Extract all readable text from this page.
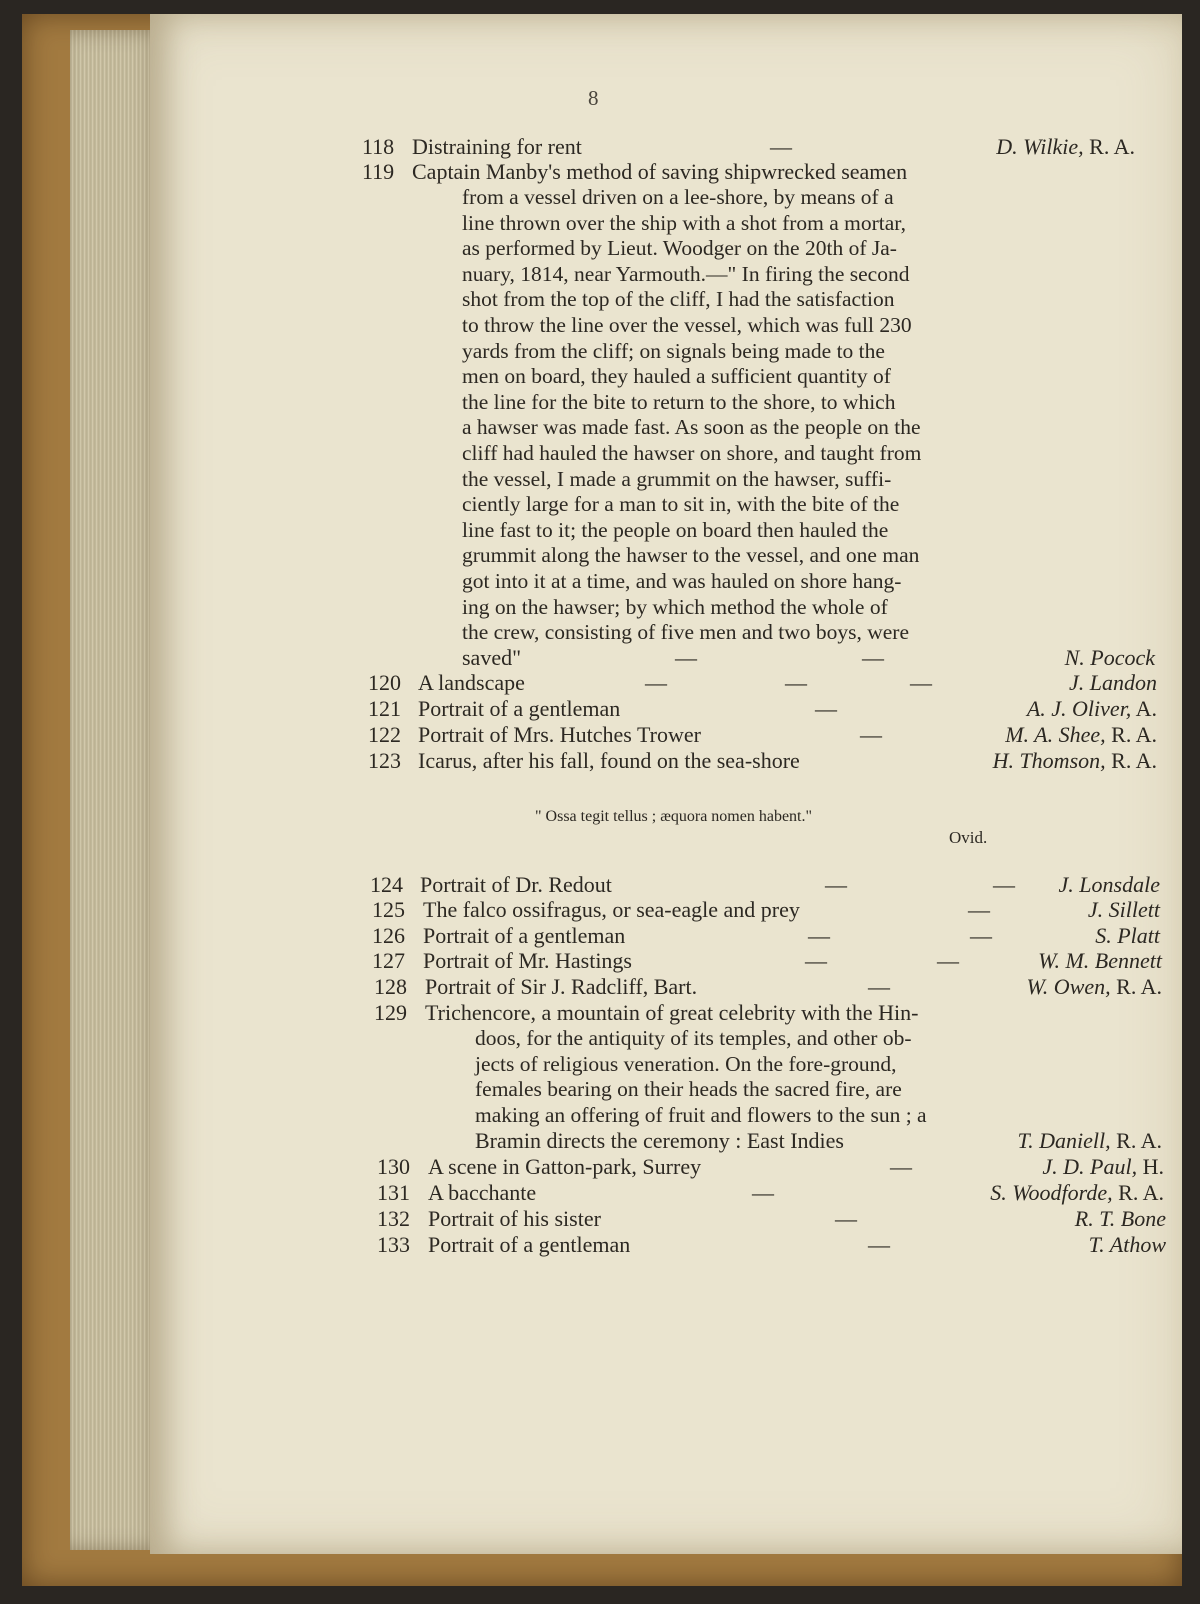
8
118 Distraining for rent	—	D. Wilkie, R. A.
119 Captain Manby's method of saving shipwrecked seamen
from a vessel driven on a lee-shore, by means of a
line thrown over the ship with a shot from a mortar,
as performed by Lieut. Woodger on the 20th of Ja-
nuary, 1814, near Yarmouth.—" In firing the second
shot from the top of the cliff, I had the satisfaction
to throw the line over the vessel, which was full 230
yards from the cliff; on signals being made to the
men on board, they hauled a sufficient quantity of
the line for the bite to return to the shore, to which
a hawser was made fast. As soon as the people on the
cliff had hauled the hawser on shore, and taught from
the vessel, I made a grummit on the hawser, suffi-
ciently large for a man to sit in, with the bite of the
line fast to it; the people on board then hauled the
grummit along the hawser to the vessel, and one man
got into it at a time, and was hauled on shore hang-
ing on the hawser; by which method the whole of
the crew, consisting of five men and two boys, were
saved"	—	—	N. Pocock
120 A landscape	—	—	—	J. Landon
121 Portrait of a gentleman	—	A. J. Oliver, A.
122 Portrait of Mrs. Hutches Trower	—	M. A. Shee, R. A.
123 Icarus, after his fall, found on the sea-shore	H. Thomson, R. A.
124 Portrait of Dr. Redout	—	— J. Lonsdale
125 The falco ossifragus, or sea-eagle and prey	—	J. Sillett
126 Portrait of a gentleman	—	—	S. Platt
127 Portrait of Mr. Hastings	—	—	W. M. Bennett
128 Portrait of Sir J. Radcliff, Bart.	—	W. Owen, R. A.
129 Trichencore, a mountain of great celebrity with the Hin-
doos, for the antiquity of its temples, and other ob-
jects of religious veneration. On the fore-ground,
females bearing on their heads the sacred fire, are
making an offering of fruit and flowers to the sun ; a
Bramin directs the ceremony : East Indies	T. Daniell, R. A.
130 A scene in Gatton-park, Surrey	—	J. D. Paul, H.
131 A bacchante	—	S. Woodforde, R. A.
132 Portrait of his sister	—	R. T. Bone
133 Portrait of a gentleman	—	T. Athow
" Ossa tegit tellus ; æquora nomen habent."
Ovid.
